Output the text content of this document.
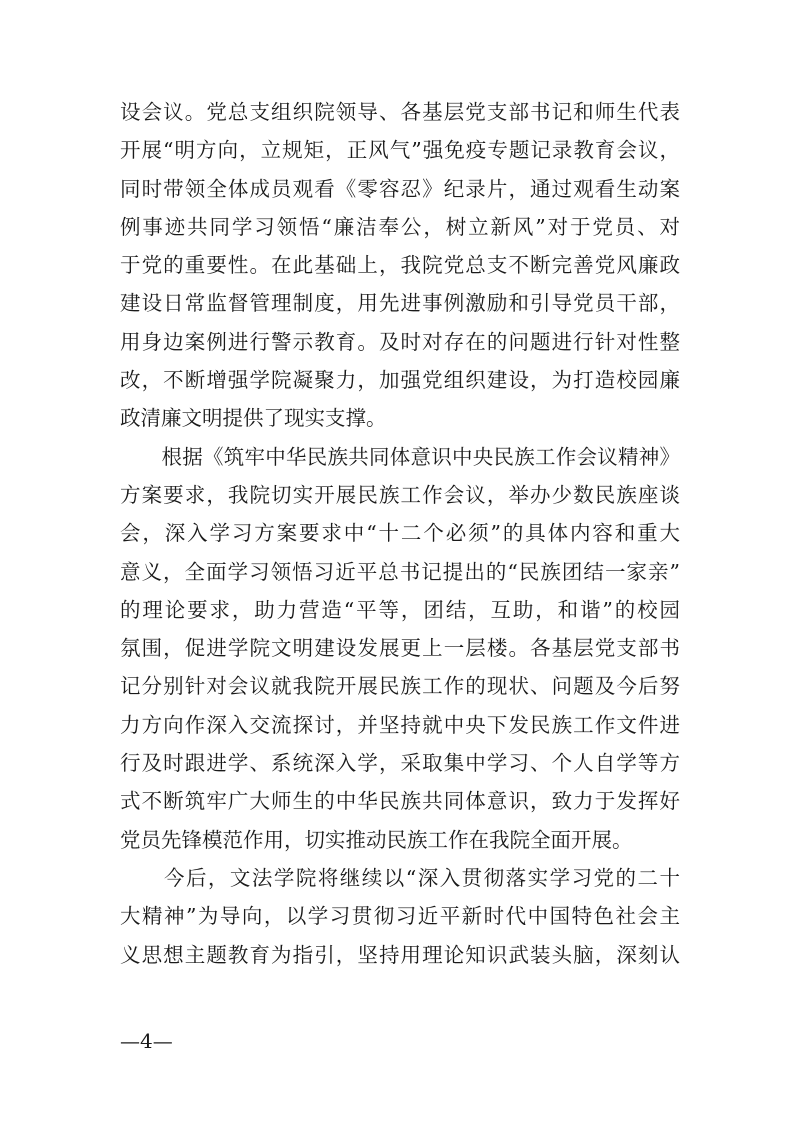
设会议。党总支组织院领导、各基层党支部书记和师生代表
开展“明方向，立规矩，正风气”强免疫专题记录教育会议，
同时带领全体成员观看《零容忍》纪录片，通过观看生动案
例事迹共同学习领悟“廉洁奉公，树立新风”对于党员、对
于党的重要性。在此基础上，我院党总支不断完善党风廉政
建设日常监督管理制度，用先进事例激励和引导党员干部，
用身边案例进行警示教育。及时对存在的问题进行针对性整
改，不断增强学院凝聚力，加强党组织建设，为打造校园廉
政清廉文明提供了现实支撑。
　　根据《筑牢中华民族共同体意识中央民族工作会议精神》
方案要求，我院切实开展民族工作会议，举办少数民族座谈
会，深入学习方案要求中“十二个必须”的具体内容和重大
意义，全面学习领悟习近平总书记提出的“民族团结一家亲”
的理论要求，助力营造“平等，团结，互助，和谐”的校园
氛围，促进学院文明建设发展更上一层楼。各基层党支部书
记分别针对会议就我院开展民族工作的现状、问题及今后努
力方向作深入交流探讨，并坚持就中央下发民族工作文件进
行及时跟进学、系统深入学，采取集中学习、个人自学等方
式不断筑牢广大师生的中华民族共同体意识，致力于发挥好
党员先锋模范作用，切实推动民族工作在我院全面开展。
　　今后，文法学院将继续以“深入贯彻落实学习党的二十
大精神”为导向，以学习贯彻习近平新时代中国特色社会主
义思想主题教育为指引，坚持用理论知识武装头脑，深刻认
—4—
